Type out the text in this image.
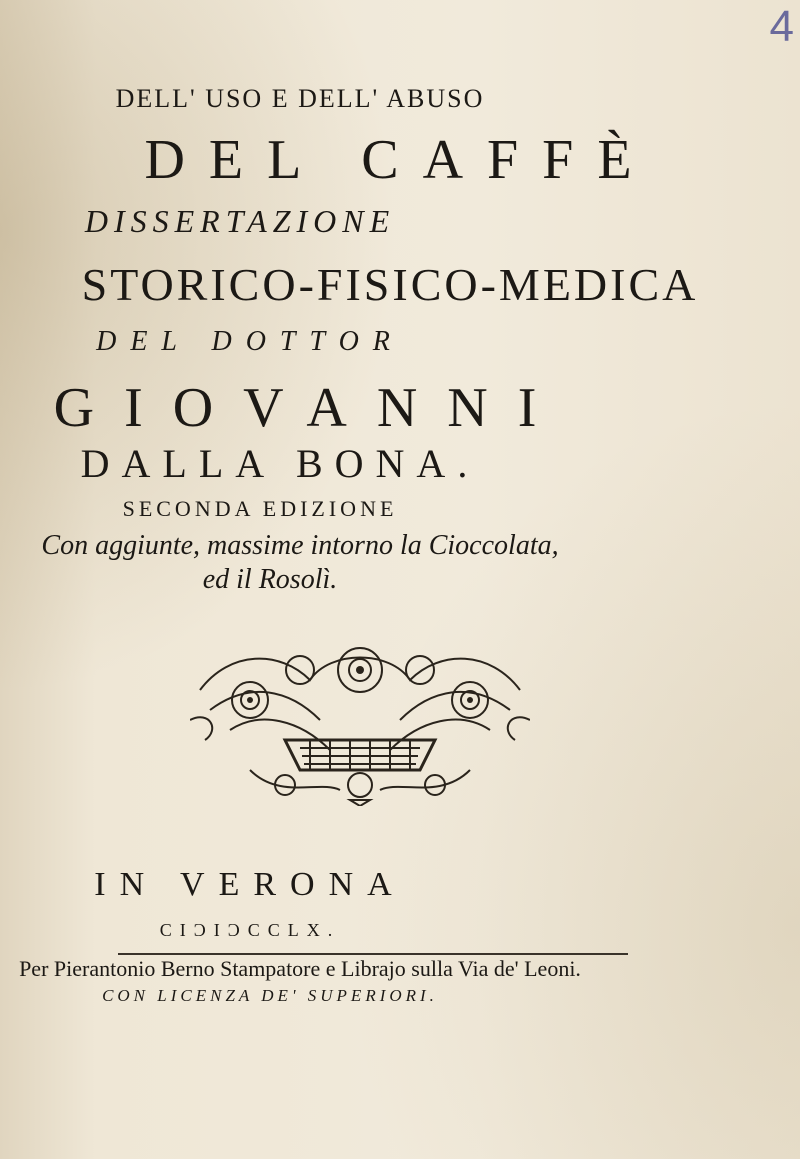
4
DELL' USO E DELL' ABUSO
DEL CAFFÈ
DISSERTAZIONE
STORICO-FISICO-MEDICA
DEL DOTTOR
GIOVANNI
DALLA BONA.
SECONDA EDIZIONE
Con aggiunte, massime intorno la Cioccolata,
ed il Rosolì.
IN VERONA
CIϽIϽCCLX.
Per Pierantonio Berno Stampatore e Librajo sulla Via de' Leoni.
CON LICENZA DE' SUPERIORI.
